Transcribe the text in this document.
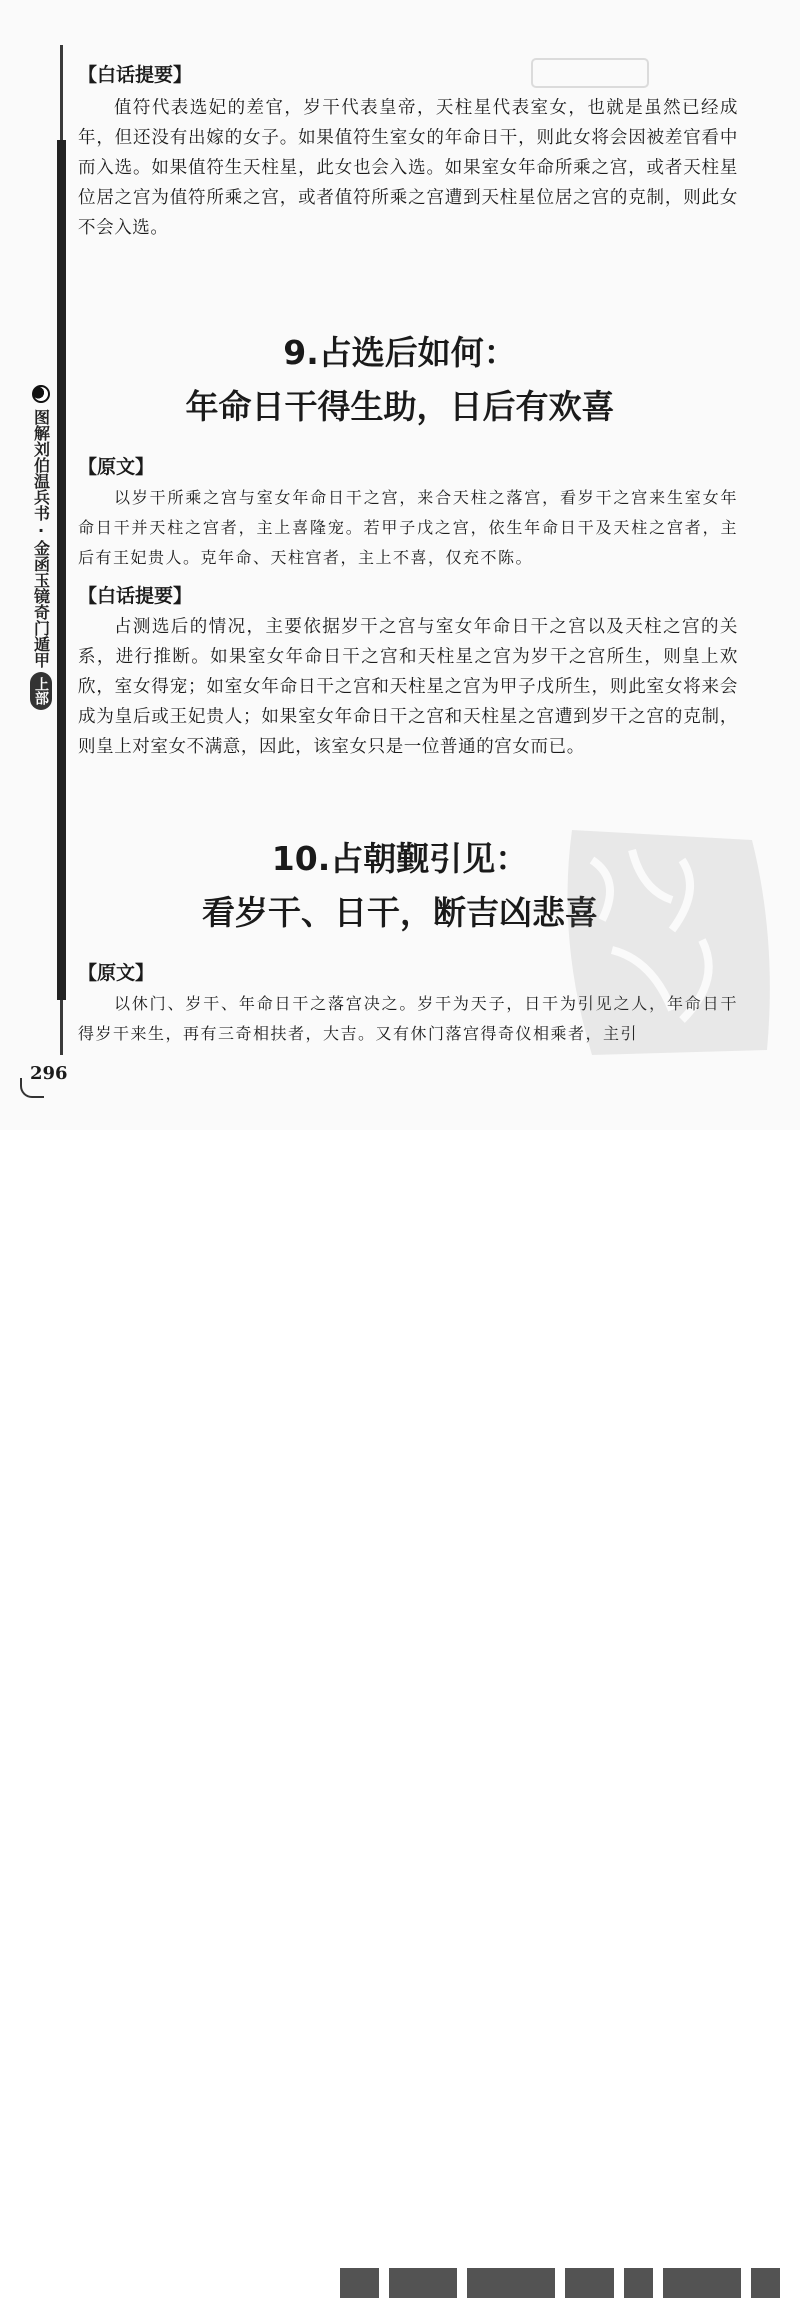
图解刘伯温兵书·金函玉镜奇门遁甲
上部

【白话提要】

值符代表选妃的差官，岁干代表皇帝，天柱星代表室女，也就是虽然已经成年，但还没有出嫁的女子。如果值符生室女的年命日干，则此女将会因被差官看中而入选。如果值符生天柱星，此女也会入选。如果室女年命所乘之宫，或者天柱星位居之宫为值符所乘之宫，或者值符所乘之宫遭到天柱星位居之宫的克制，则此女不会入选。

9.占选后如何：
年命日干得生助，日后有欢喜

【原文】

以岁干所乘之宫与室女年命日干之宫，来合天柱之落宫，看岁干之宫来生室女年命日干并天柱之宫者，主上喜隆宠。若甲子戊之宫，依生年命日干及天柱之宫者，主后有王妃贵人。克年命、天柱宫者，主上不喜，仅充不陈。

【白话提要】

占测选后的情况，主要依据岁干之宫与室女年命日干之宫以及天柱之宫的关系，进行推断。如果室女年命日干之宫和天柱星之宫为岁干之宫所生，则皇上欢欣，室女得宠；如室女年命日干之宫和天柱星之宫为甲子戊所生，则此室女将来会成为皇后或王妃贵人；如果室女年命日干之宫和天柱星之宫遭到岁干之宫的克制，则皇上对室女不满意，因此，该室女只是一位普通的宫女而已。

10.占朝觐引见：
看岁干、日干，断吉凶悲喜

【原文】

以休门、岁干、年命日干之落宫决之。岁干为天子，日干为引见之人，年命日干得岁干来生，再有三奇相扶者，大吉。又有休门落宫得奇仪相乘者，主引

296
